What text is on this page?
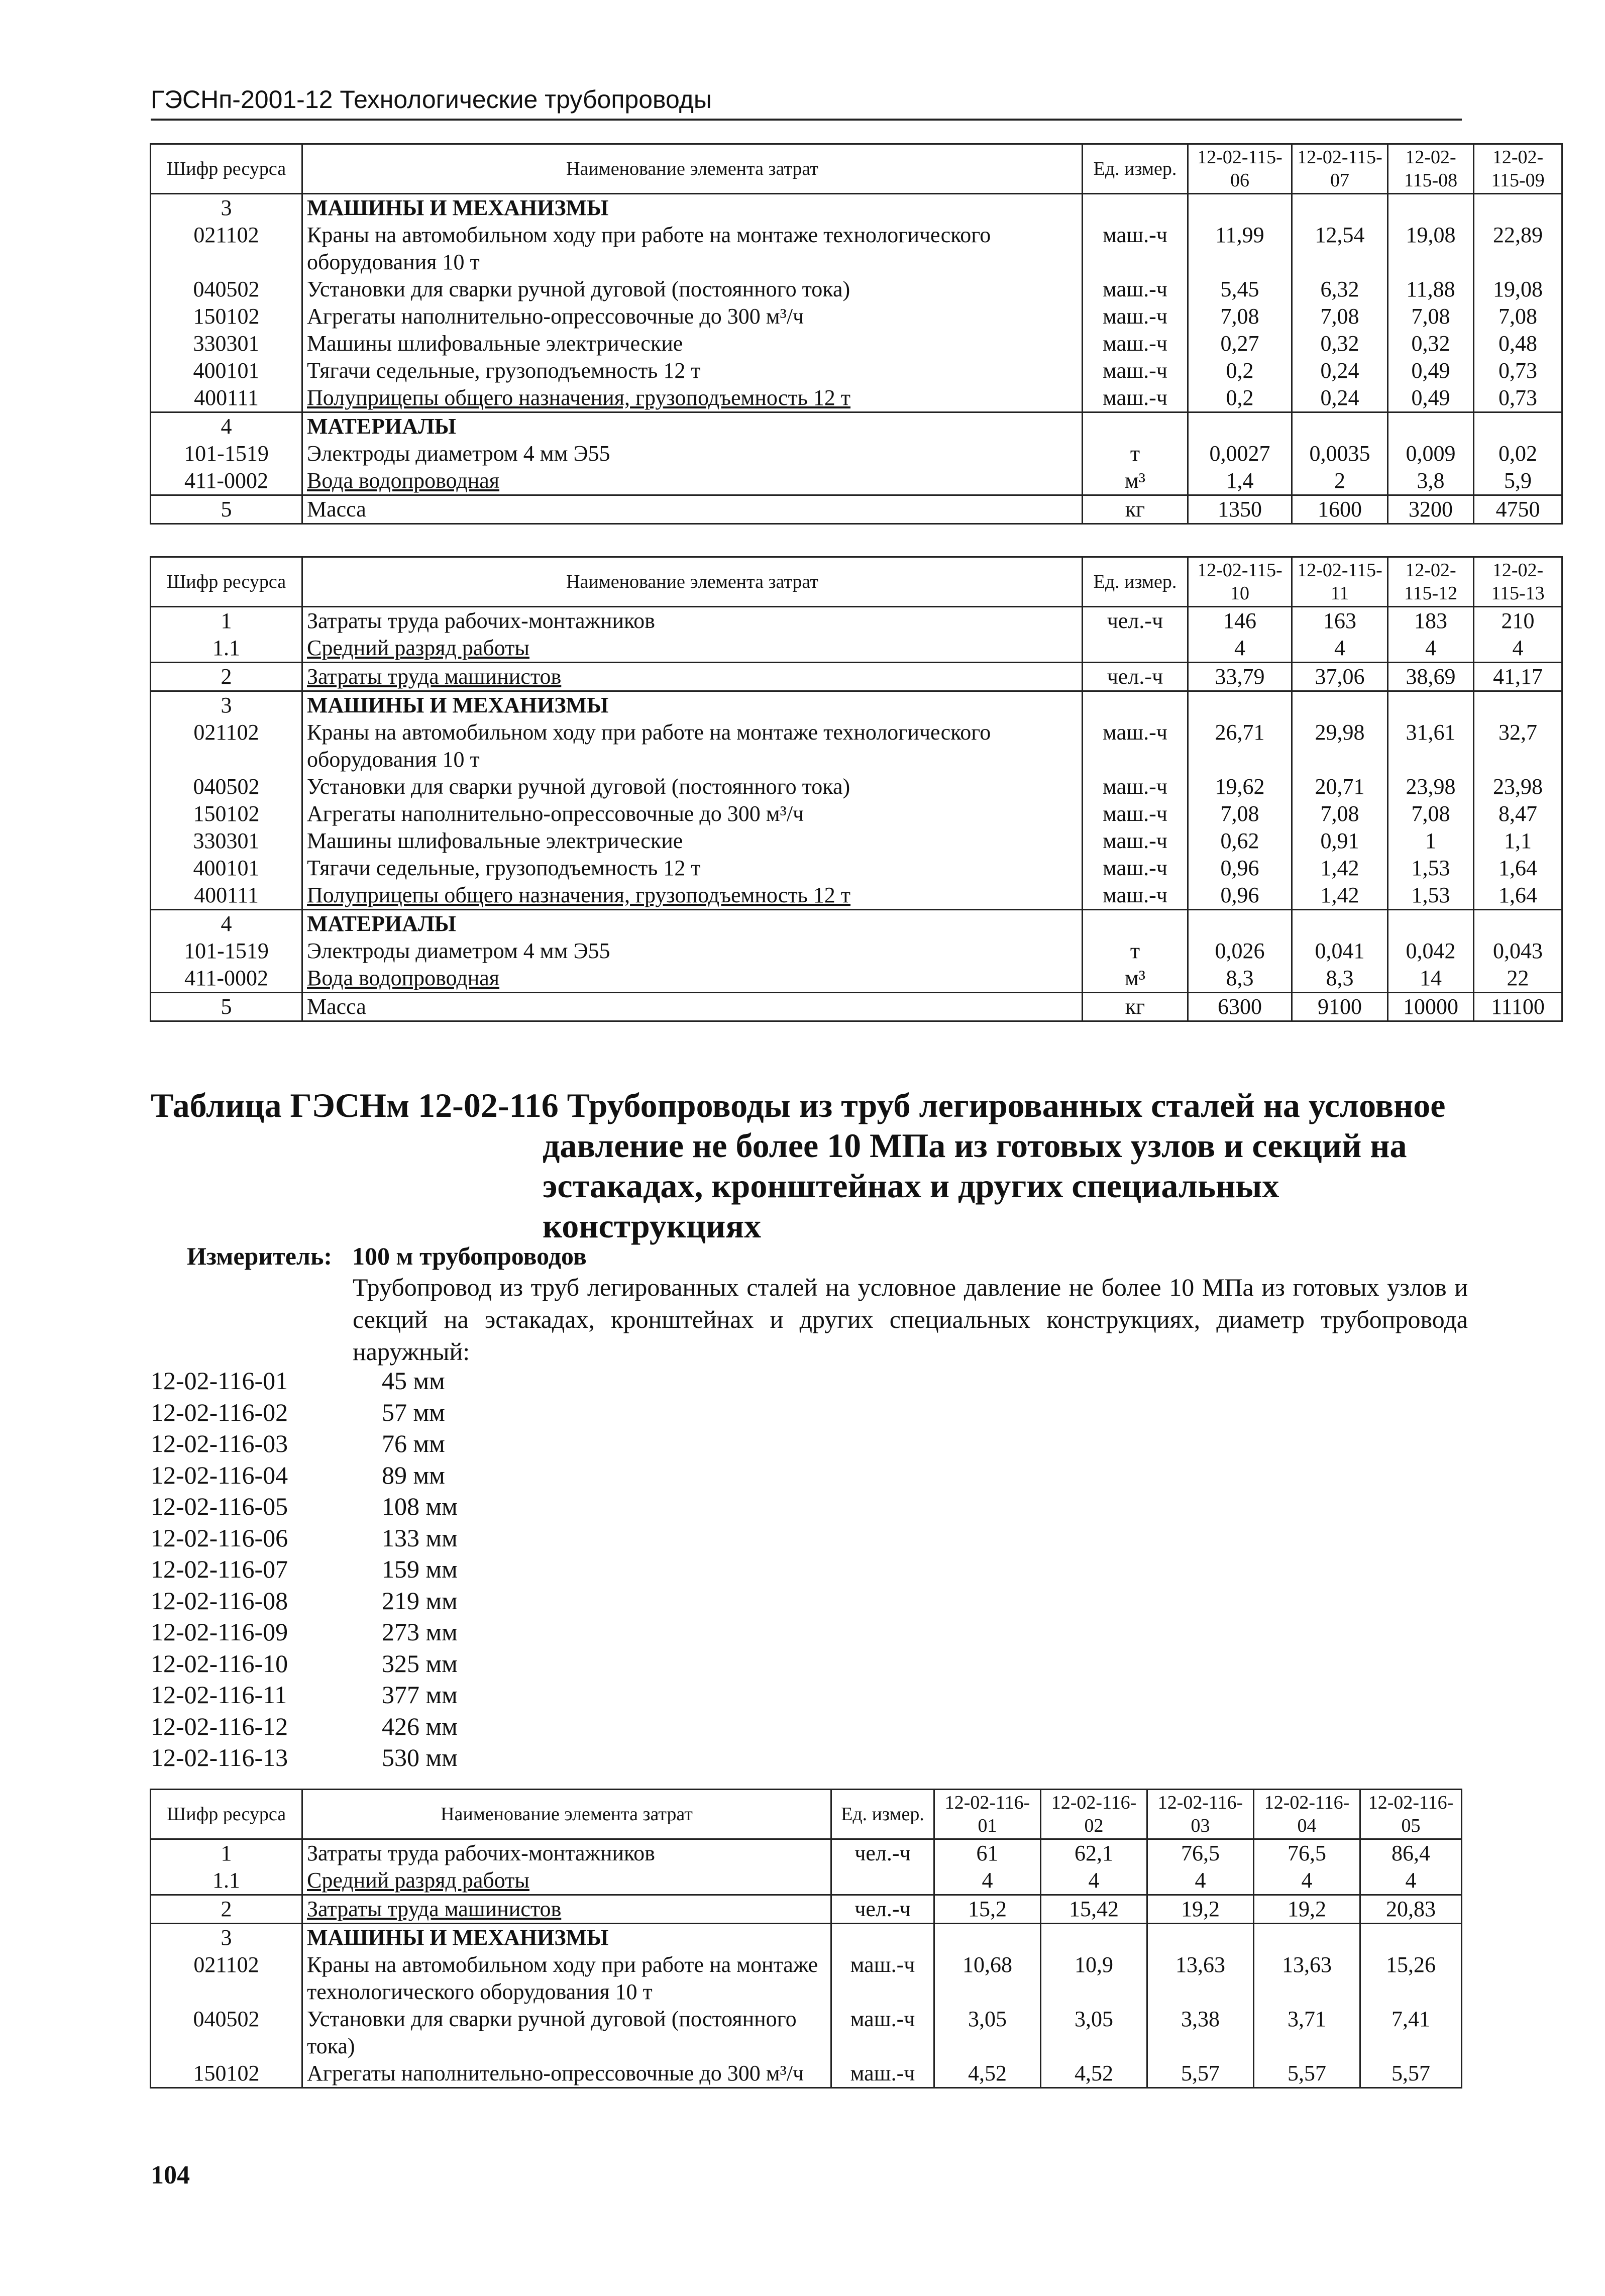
ГЭСНп-2001-12 Технологические трубопроводы
Шифр ресурса	Наименование элемента затрат	Ед. измер.	12-02-115-06	12-02-115-07	12-02-115-08	12-02-115-09
3	МАШИНЫ И МЕХАНИЗМЫ					
021102	Краны на автомобильном ходу при работе на монтаже технологического оборудования 10 т	маш.-ч	11,99	12,54	19,08	22,89
040502	Установки для сварки ручной дуговой (постоянного тока)	маш.-ч	5,45	6,32	11,88	19,08
150102	Агрегаты наполнительно-опрессовочные до 300 м³/ч	маш.-ч	7,08	7,08	7,08	7,08
330301	Машины шлифовальные электрические	маш.-ч	0,27	0,32	0,32	0,48
400101	Тягачи седельные, грузоподъемность 12 т	маш.-ч	0,2	0,24	0,49	0,73
400111	Полуприцепы общего назначения, грузоподъемность 12 т	маш.-ч	0,2	0,24	0,49	0,73
4	МАТЕРИАЛЫ					
101-1519	Электроды диаметром 4 мм Э55	т	0,0027	0,0035	0,009	0,02
411-0002	Вода водопроводная	м³	1,4	2	3,8	5,9
5	Масса	кг	1350	1600	3200	4750
Шифр ресурса	Наименование элемента затрат	Ед. измер.	12-02-115-10	12-02-115-11	12-02-115-12	12-02-115-13
1	Затраты труда рабочих-монтажников	чел.-ч	146	163	183	210
1.1	Средний разряд работы		4	4	4	4
2	Затраты труда машинистов	чел.-ч	33,79	37,06	38,69	41,17
3	МАШИНЫ И МЕХАНИЗМЫ					
021102	Краны на автомобильном ходу при работе на монтаже технологического оборудования 10 т	маш.-ч	26,71	29,98	31,61	32,7
040502	Установки для сварки ручной дуговой (постоянного тока)	маш.-ч	19,62	20,71	23,98	23,98
150102	Агрегаты наполнительно-опрессовочные до 300 м³/ч	маш.-ч	7,08	7,08	7,08	8,47
330301	Машины шлифовальные электрические	маш.-ч	0,62	0,91	1	1,1
400101	Тягачи седельные, грузоподъемность 12 т	маш.-ч	0,96	1,42	1,53	1,64
400111	Полуприцепы общего назначения, грузоподъемность 12 т	маш.-ч	0,96	1,42	1,53	1,64
4	МАТЕРИАЛЫ					
101-1519	Электроды диаметром 4 мм Э55	т	0,026	0,041	0,042	0,043
411-0002	Вода водопроводная	м³	8,3	8,3	14	22
5	Масса	кг	6300	9100	10000	11100
Таблица ГЭСНм 12-02-116 Трубопроводы из труб легированных сталей на условное
давление не более 10 МПа из готовых узлов и секций на эстакадах, кронштейнах и других специальных конструкциях
Измеритель: 100 м трубопроводов
Трубопровод из труб легированных сталей на условное давление не более 10 МПа из готовых узлов и секций на эстакадах, кронштейнах и других специальных конструкциях, диаметр трубопровода наружный:
12-02-116-01	45 мм
12-02-116-02	57 мм
12-02-116-03	76 мм
12-02-116-04	89 мм
12-02-116-05	108 мм
12-02-116-06	133 мм
12-02-116-07	159 мм
12-02-116-08	219 мм
12-02-116-09	273 мм
12-02-116-10	325 мм
12-02-116-11	377 мм
12-02-116-12	426 мм
12-02-116-13	530 мм
Шифр ресурса	Наименование элемента затрат	Ед. измер.	12-02-116-01	12-02-116-02	12-02-116-03	12-02-116-04	12-02-116-05
1	Затраты труда рабочих-монтажников	чел.-ч	61	62,1	76,5	76,5	86,4
1.1	Средний разряд работы		4	4	4	4	4
2	Затраты труда машинистов	чел.-ч	15,2	15,42	19,2	19,2	20,83
3	МАШИНЫ И МЕХАНИЗМЫ						
021102	Краны на автомобильном ходу при работе на монтаже технологического оборудования 10 т	маш.-ч	10,68	10,9	13,63	13,63	15,26
040502	Установки для сварки ручной дуговой (постоянного тока)	маш.-ч	3,05	3,05	3,38	3,71	7,41
150102	Агрегаты наполнительно-опрессовочные до 300 м³/ч	маш.-ч	4,52	4,52	5,57	5,57	5,57
104
